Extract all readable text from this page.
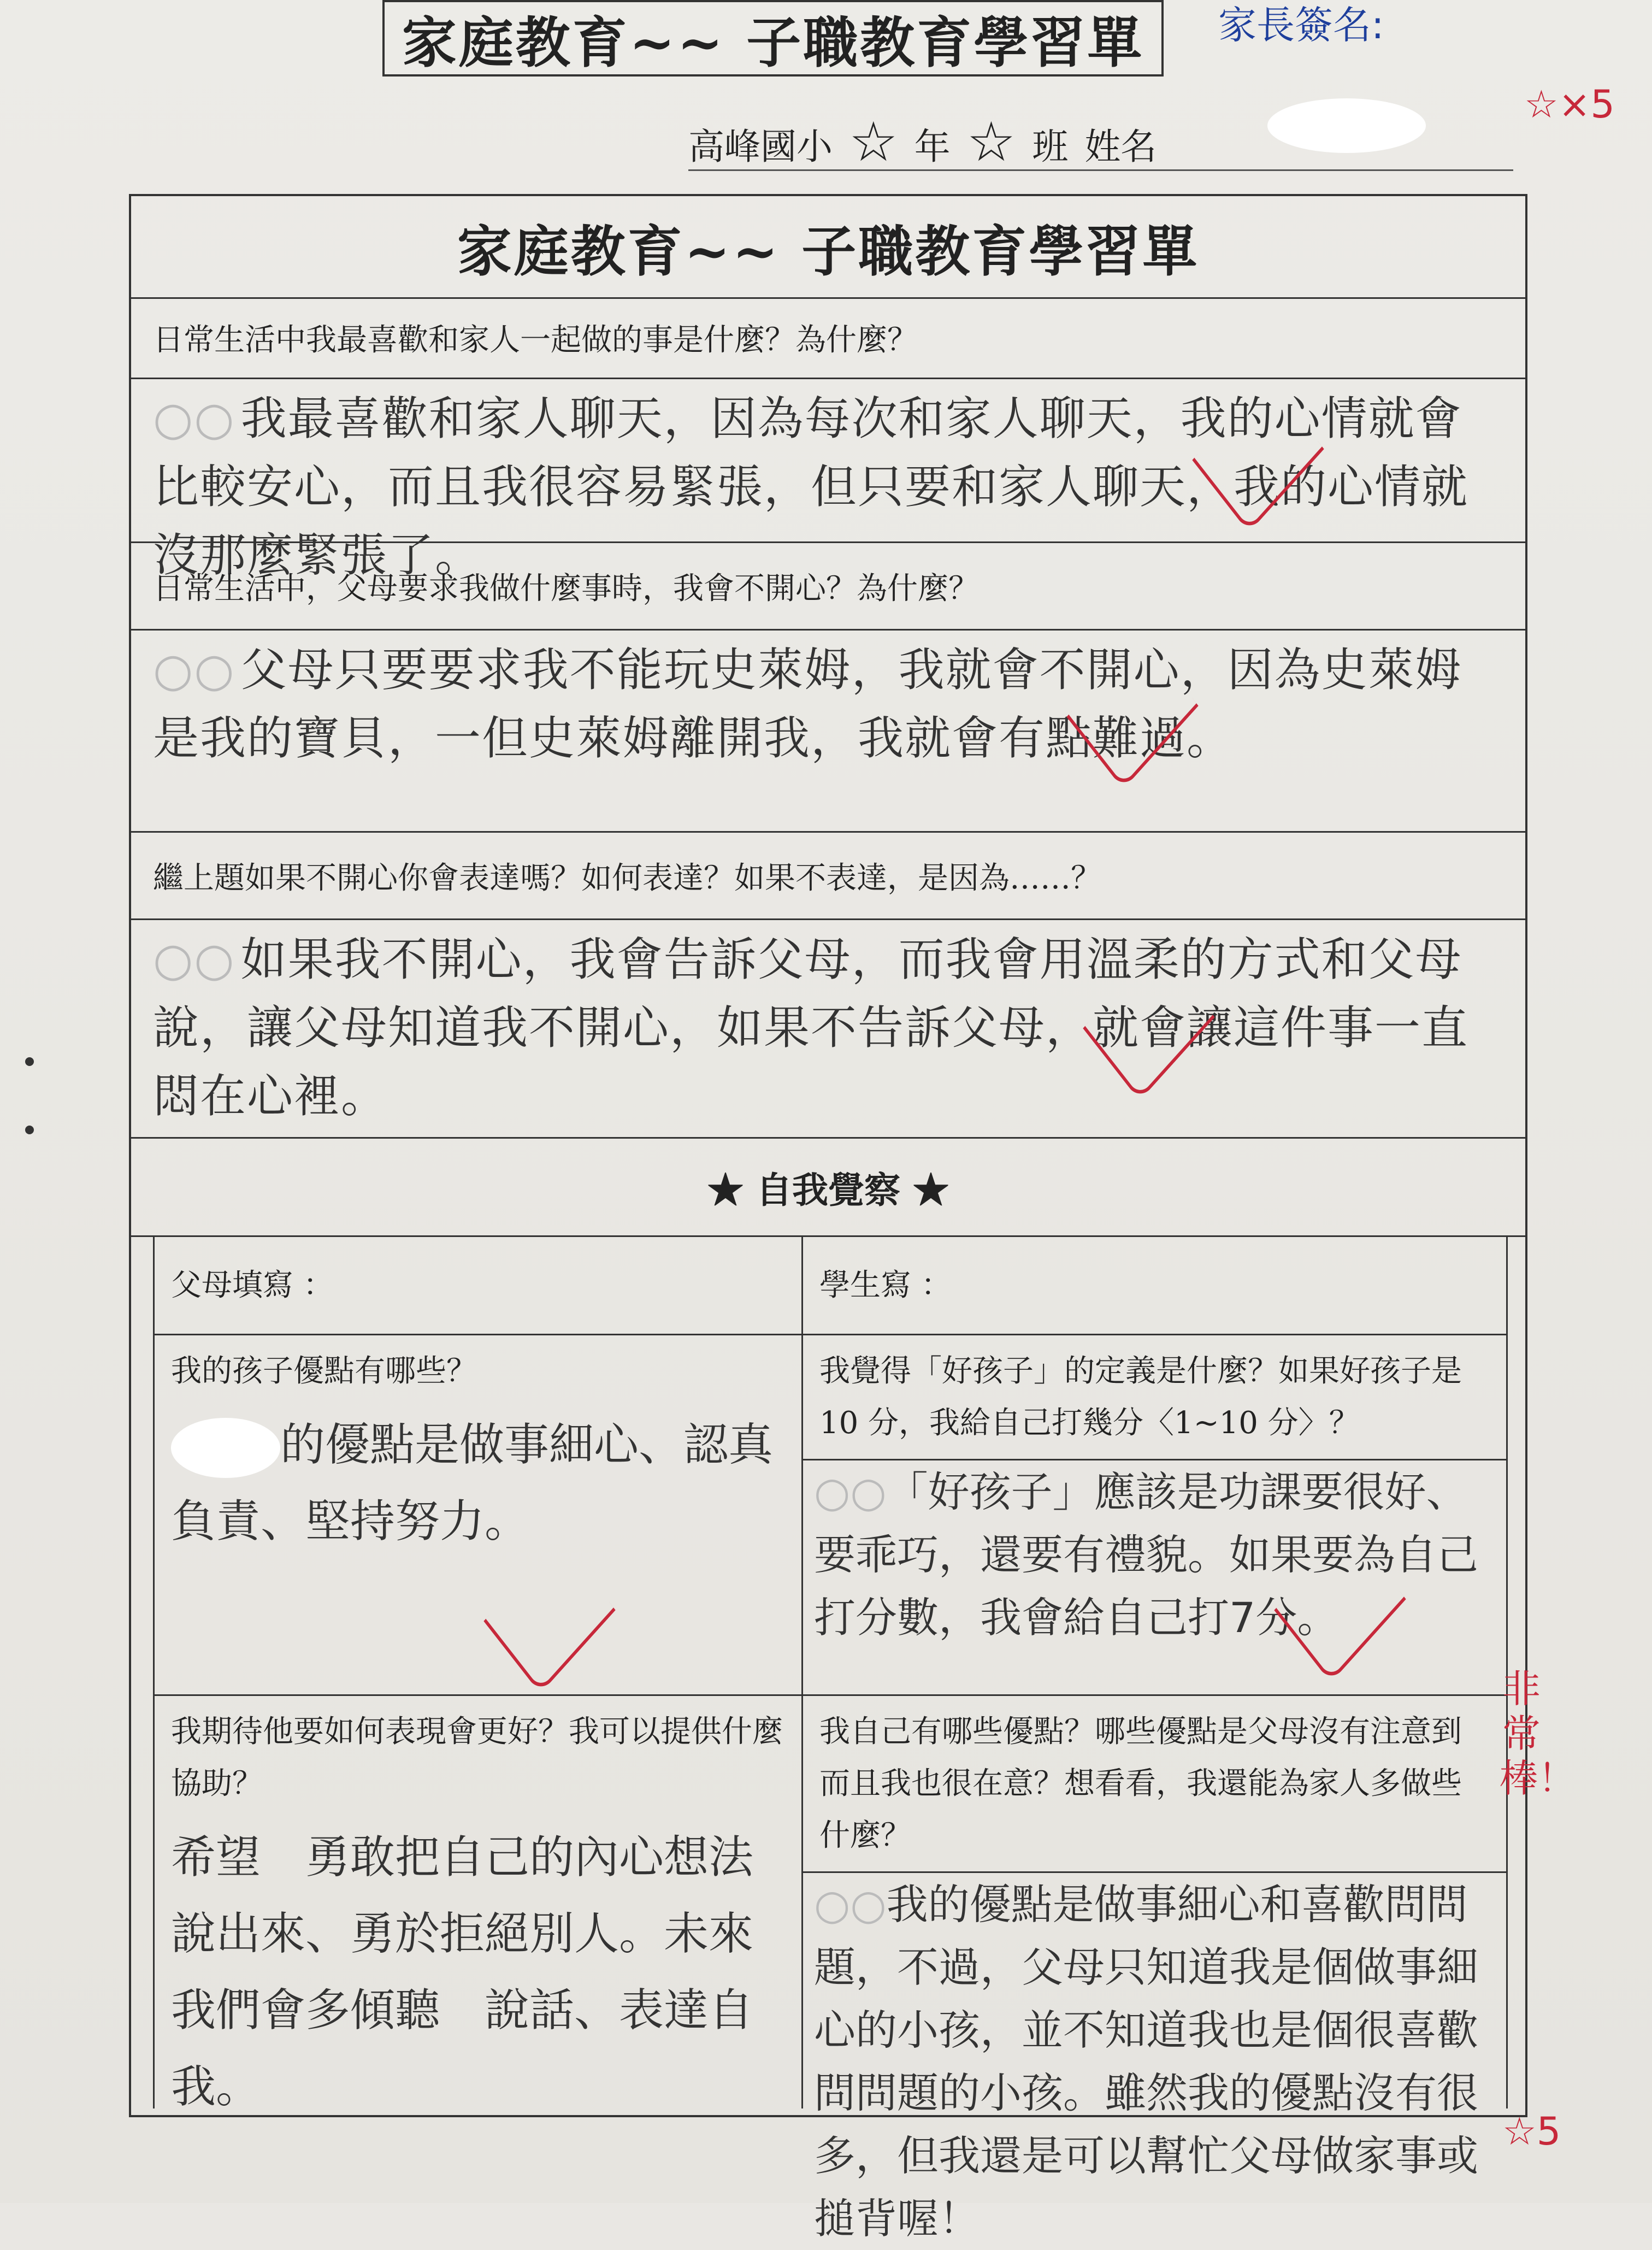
家庭教育~~ 子職教育學習單	家長簽名:
☆×5
高峰國小 ☆ 年 ☆ 班 姓名
家庭教育~~ 子職教育學習單
日常生活中我最喜歡和家人一起做的事是什麼？為什麼？
○○ 我最喜歡和家人聊天，因為每次和家人聊天，我的心情就會比較安心，而且我很容易緊張，但只要和家人聊天，我的心情就沒那麼緊張了。
日常生活中，父母要求我做什麼事時，我會不開心？為什麼？
○○ 父母只要要求我不能玩史萊姆，我就會不開心，因為史萊姆是我的寶貝，一但史萊姆離開我，我就會有點難過。
繼上題如果不開心你會表達嗎？如何表達？如果不表達，是因為……？
○○ 如果我不開心，我會告訴父母，而我會用溫柔的方式和父母說，讓父母知道我不開心，如果不告訴父母，就會讓這件事一直悶在心裡。
★ 自我覺察 ★
父母填寫 ：
我的孩子優點有哪些？
的優點是做事細心、認真負責、堅持努力。
我期待他要如何表現會更好？我可以提供什麼協助？
希望　勇敢把自己的內心想法說出來、勇於拒絕別人。未來我們會多傾聽　說話、表達自我。
學生寫 ：
我覺得「好孩子」的定義是什麼？如果好孩子是 10 分，我給自己打幾分〈1~10 分〉？
○○「好孩子」應該是功課要很好、要乖巧，還要有禮貌。如果要為自己打分數，我會給自己打7分。
我自己有哪些優點？哪些優點是父母沒有注意到而且我也很在意？想看看，我還能為家人多做些什麼？
○○我的優點是做事細心和喜歡問問題，不過，父母只知道我是個做事細心的小孩，並不知道我也是個很喜歡問問題的小孩。雖然我的優點沒有很多，但我還是可以幫忙父母做家事或搥背喔！
非常棒！
☆5
